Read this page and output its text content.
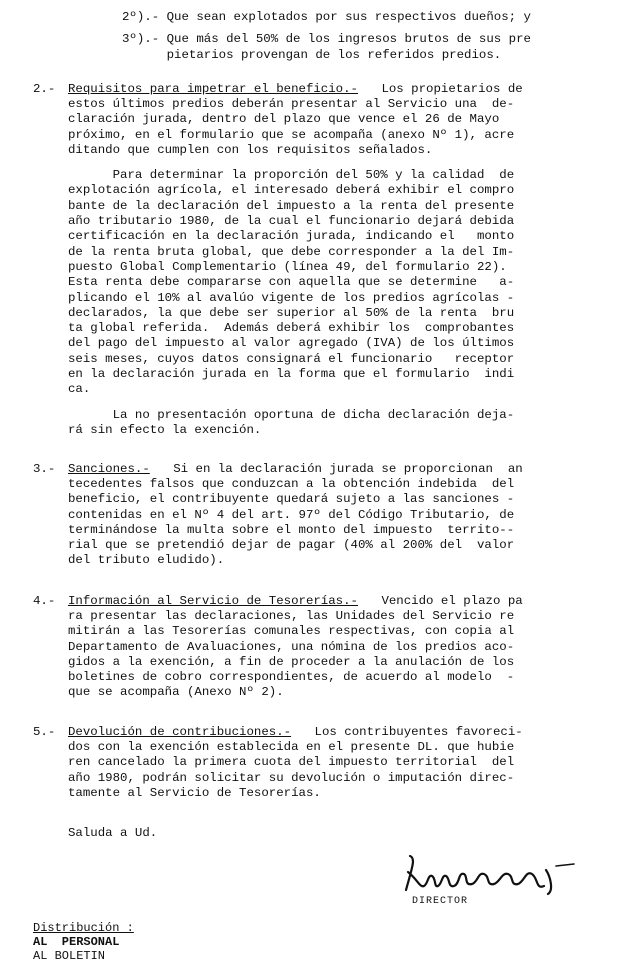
2º).- Que sean explotados por sus respectivos dueños; y
3º).- Que más del 50% de los ingresos brutos de sus pre
pietarios provengan de los referidos predios.
2.- Requisitos para impetrar el beneficio.- Los propietarios de
estos últimos predios deberán presentar al Servicio una  de-
claración jurada, dentro del plazo que vence el 26 de Mayo
próximo, en el formulario que se acompaña (anexo Nº 1), acre
ditando que cumplen con los requisitos señalados.
Para determinar la proporción del 50% y la calidad  de
explotación agrícola, el interesado deberá exhibir el compro
bante de la declaración del impuesto a la renta del presente
año tributario 1980, de la cual el funcionario dejará debida
certificación en la declaración jurada, indicando el   monto
de la renta bruta global, que debe corresponder a la del Im-
puesto Global Complementario (línea 49, del formulario 22).
Esta renta debe compararse con aquella que se determine   a-
plicando el 10% al avalúo vigente de los predios agrícolas -
declarados, la que debe ser superior al 50% de la renta  bru
ta global referida.  Además deberá exhibir los  comprobantes
del pago del impuesto al valor agregado (IVA) de los últimos
seis meses, cuyos datos consignará el funcionario   receptor
en la declaración jurada en la forma que el formulario  indi
ca.
La no presentación oportuna de dicha declaración deja-
rá sin efecto la exención.
3.- Sanciones.- Si en la declaración jurada se proporcionan  an
tecedentes falsos que conduzcan a la obtención indebida  del
beneficio, el contribuyente quedará sujeto a las sanciones -
contenidas en el Nº 4 del art. 97º del Código Tributario, de
terminándose la multa sobre el monto del impuesto  territo--
rial que se pretendió dejar de pagar (40% al 200% del  valor
del tributo eludido).
4.- Información al Servicio de Tesorerías.- Vencido el plazo pa
ra presentar las declaraciones, las Unidades del Servicio re
mitirán a las Tesorerías comunales respectivas, con copia al
Departamento de Avaluaciones, una nómina de los predios aco-
gidos a la exención, a fin de proceder a la anulación de los
boletines de cobro correspondientes, de acuerdo al modelo  -
que se acompaña (Anexo Nº 2).
5.- Devolución de contribuciones.- Los contribuyentes favoreci-
dos con la exención establecida en el presente DL. que hubie
ren cancelado la primera cuota del impuesto territorial  del
año 1980, podrán solicitar su devolución o imputación direc-
tamente al Servicio de Tesorerías.
Saluda a Ud.
DIRECTOR
Distribución :
AL  PERSONAL
AL BOLETIN
